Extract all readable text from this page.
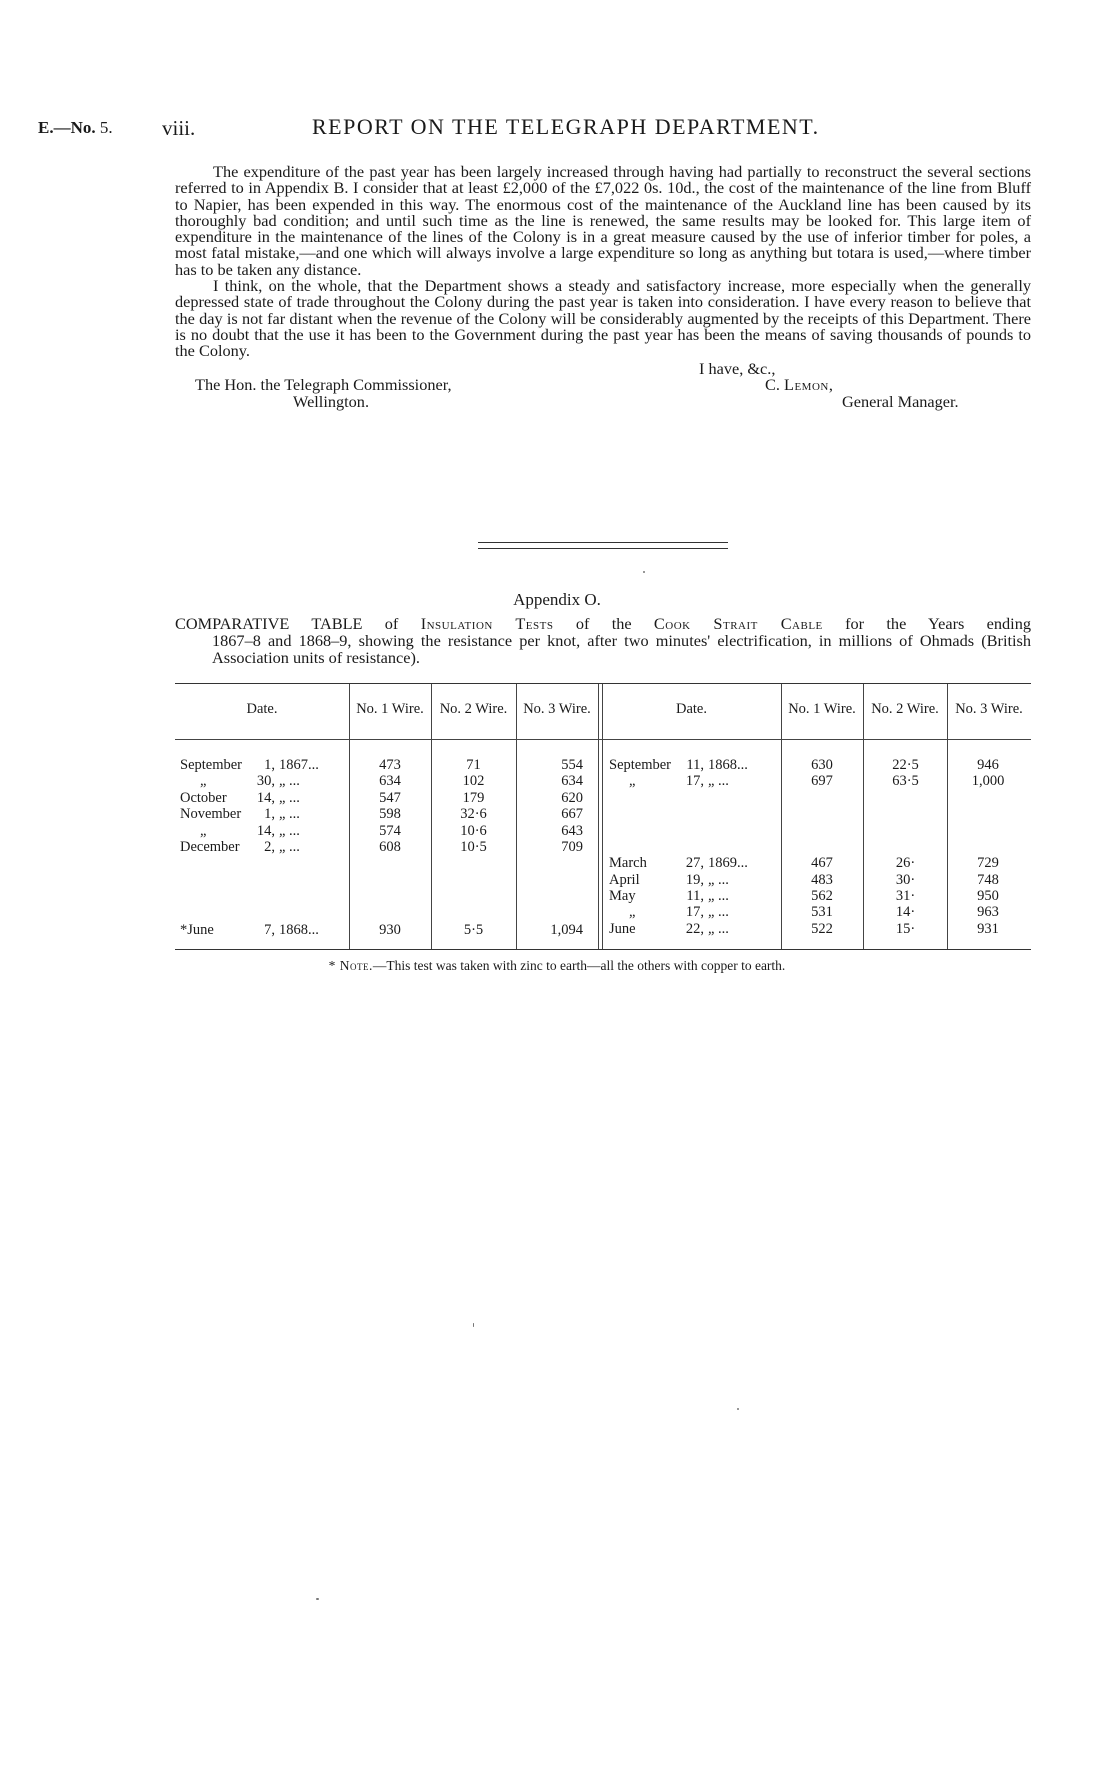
E.—No. 5. viii.	REPORT ON THE TELEGRAPH DEPARTMENT.

The expenditure of the past year has been largely increased through having had partially to reconstruct the several sections referred to in Appendix B. I consider that at least £2,000 of the £7,022 0s. 10d., the cost of the maintenance of the line from Bluff to Napier, has been expended in this way. The enormous cost of the maintenance of the Auckland line has been caused by its thoroughly bad condition; and until such time as the line is renewed, the same results may be looked for. This large item of expenditure in the maintenance of the lines of the Colony is in a great measure caused by the use of inferior timber for poles, a most fatal mistake,—and one which will always involve a large expenditure so long as anything but totara is used,—where timber has to be taken any distance.

I think, on the whole, that the Department shows a steady and satisfactory increase, more especially when the generally depressed state of trade throughout the Colony during the past year is taken into consideration. I have every reason to believe that the day is not far distant when the revenue of the Colony will be considerably augmented by the receipts of this Department. There is no doubt that the use it has been to the Government during the past year has been the means of saving thousands of pounds to the Colony.

I have, &c.,
The Hon. the Telegraph Commissioner,	C. Lemon,
Wellington.	General Manager.
Appendix O.
COMPARATIVE TABLE of Insulation Tests of the Cook Strait Cable for the Years ending
1867–8 and 1868–9, showing the resistance per knot, after two minutes' electrification, in millions of Ohmads (British Association units of resistance).
Date.	No. 1 Wire.	No. 2 Wire.	No. 3 Wire.	Date.	No. 1 Wire.	No. 2 Wire.	No. 3 Wire.
September	1, 1867...	473	71	554
„	30, „ ...	634	102	634
October	14, „ ...	547	179	620
November	1, „ ...	598	32·6	667
„	14, „ ...	574	10·6	643
December	2, „ ...	608	10·5	709
*June	7, 1868...	930	5·5	1,094
September	11, 1868...	630	22·5	946
„	17, „ ...	697	63·5	1,000
March	27, 1869...	467	26·	729
April	19, „ ...	483	30·	748
May	11, „ ...	562	31·	950
„	17, „ ...	531	14·	963
June	22, „ ...	522	15·	931
* Note.—This test was taken with zinc to earth—all the others with copper to earth.
